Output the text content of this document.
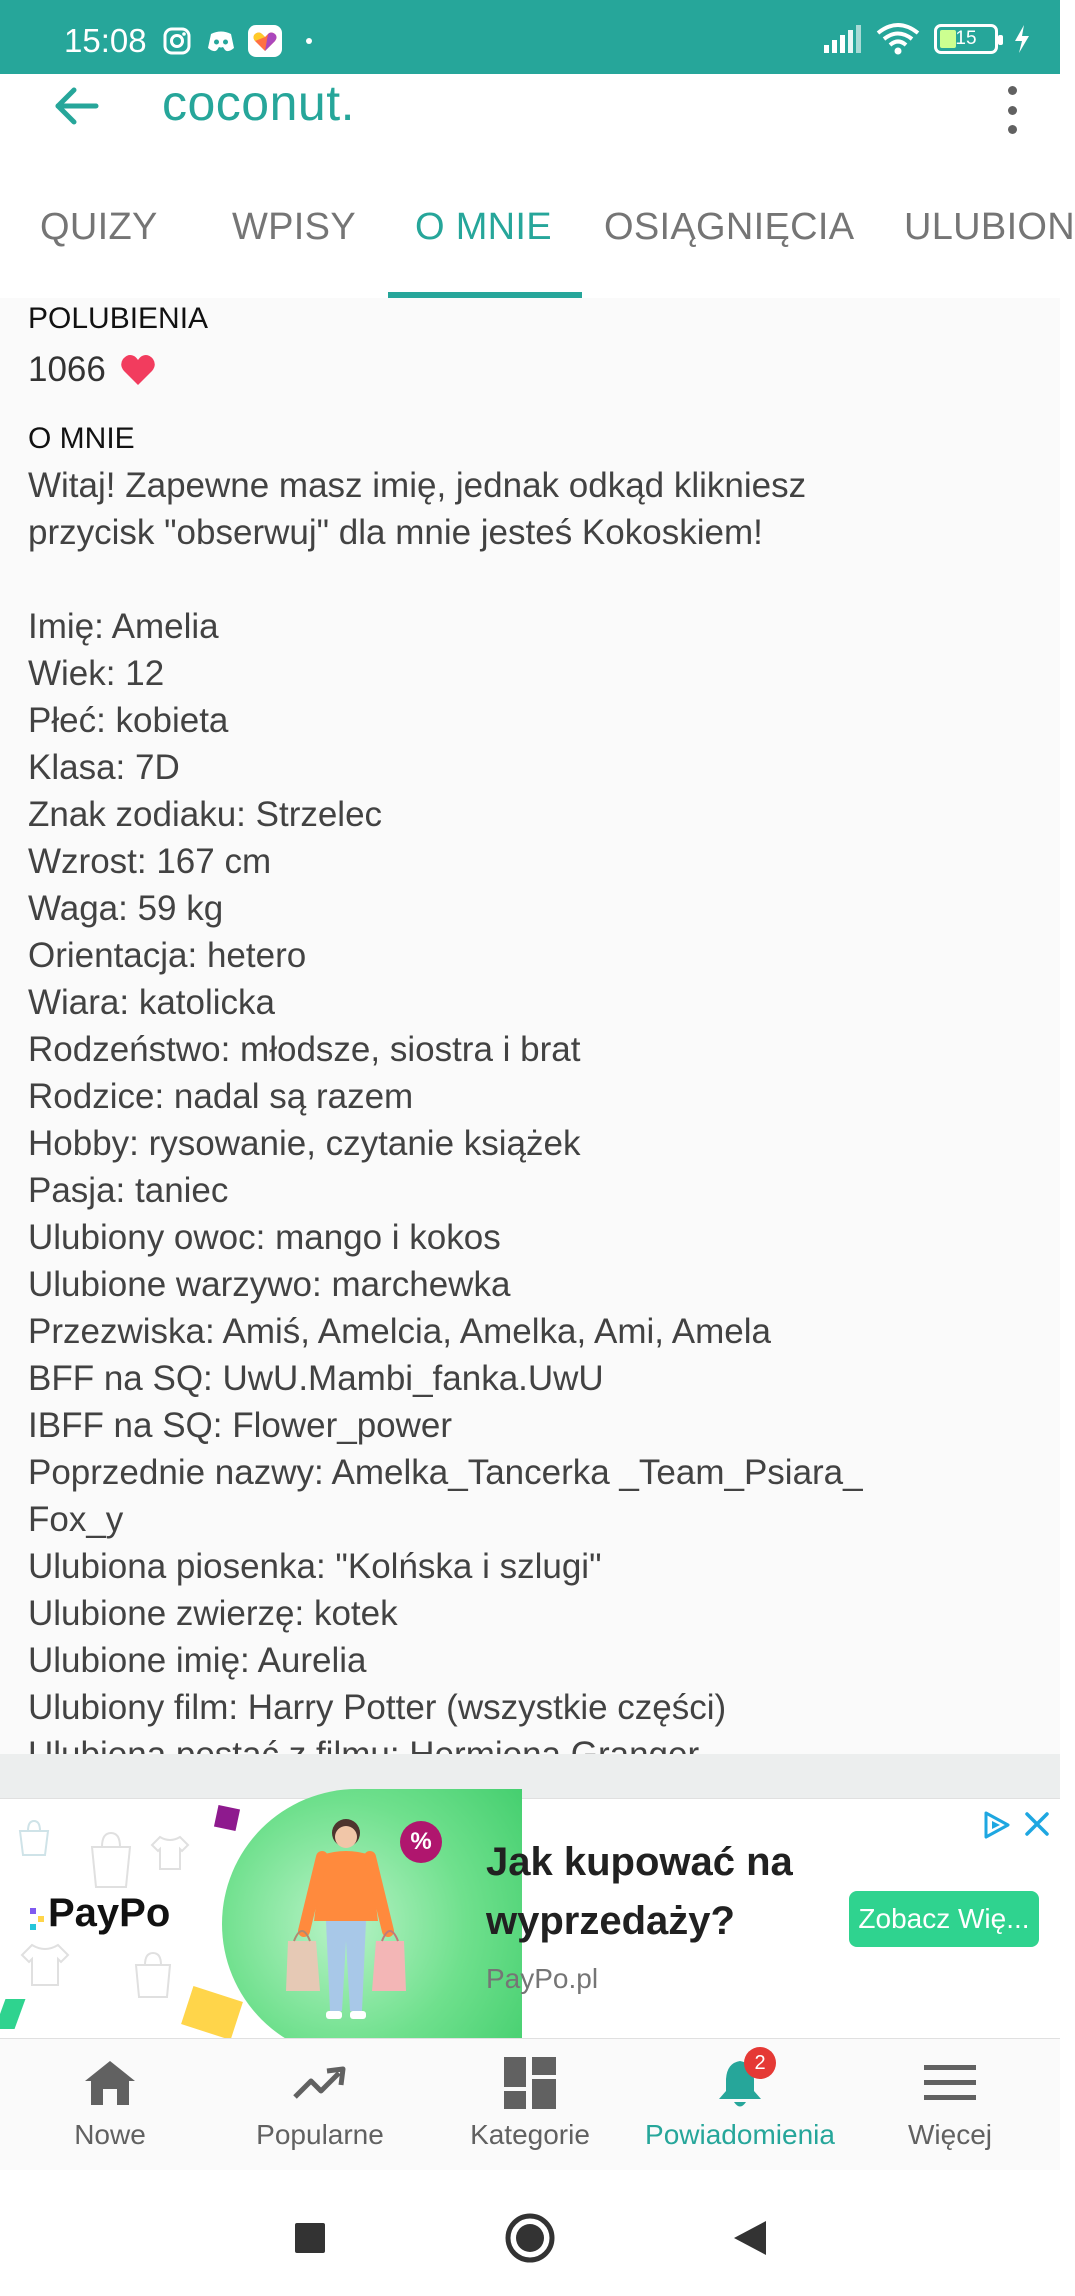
15:08	15
coconut.
QUIZY WPISY O MNIE OSIĄGNIĘCIA ULUBION
POLUBIENIA
1066
O MNIE
Witaj! Zapewne masz imię, jednak odkąd klikniesz
przycisk "obserwuj" dla mnie jesteś Kokoskiem!
Imię: Amelia
Wiek: 12
Płeć: kobieta
Klasa: 7D
Znak zodiaku: Strzelec
Wzrost: 167 cm
Waga: 59 kg
Orientacja: hetero
Wiara: katolicka
Rodzeństwo: młodsze, siostra i brat
Rodzice: nadal są razem
Hobby: rysowanie, czytanie książek
Pasja: taniec
Ulubiony owoc: mango i kokos
Ulubione warzywo: marchewka
Przezwiska: Amiś, Amelcia, Amelka, Ami, Amela
BFF na SQ: UwU.Mambi_fanka.UwU
IBFF na SQ: Flower_power
Poprzednie nazwy: Amelka_Tancerka _Team_Psiara_
Fox_y
Ulubiona piosenka: "Kolńska i szlugi"
Ulubione zwierzę: kotek
Ulubione imię: Aurelia
Ulubiony film: Harry Potter (wszystkie części)
%
PayPo
Jak kupować na
wyprzedaży?
PayPo.pl
Zobacz Wię...
Nowe	Popularne	Kategorie
2
Powiadomienia	Więcej
